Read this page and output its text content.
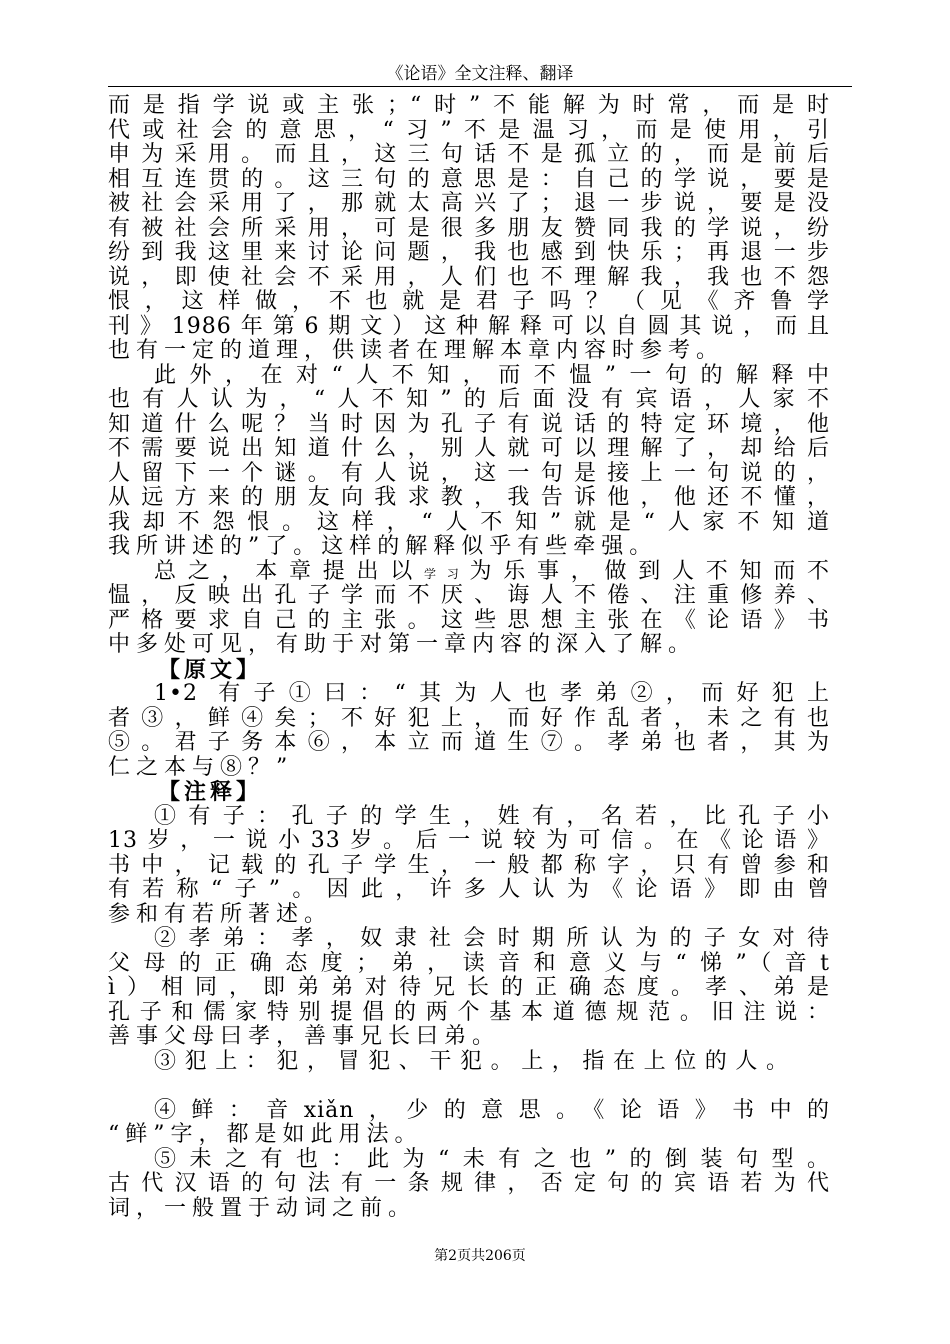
《论语》全文注释、翻译
而是指学说或主张；“时”不能解为时常，而是时
代或社会的意思，“习”不是温习，而是使用，引
申为采用。而且，这三句话不是孤立的，而是前后
相互连贯的。这三句的意思是：自己的学说，要是
被社会采用了，那就太高兴了；退一步说，要是没
有被社会所采用，可是很多朋友赞同我的学说，纷
纷到我这里来讨论问题，我也感到快乐；再退一步
说，即使社会不采用，人们也不理解我，我也不怨
恨，这样做，不也就是君子吗？（见《齐鲁学
刊》1986年第6期文）这种解释可以自圆其说，而且
也有一定的道理，供读者在理解本章内容时参考。
此外，在对“人不知，而不愠”一句的解释中
也有人认为，“人不知”的后面没有宾语，人家不
知道什么呢？当时因为孔子有说话的特定环境，他
不需要说出知道什么，别人就可以理解了，却给后
人留下一个谜。有人说，这一句是接上一句说的，
从远方来的朋友向我求教，我告诉他，他还不懂，
我却不怨恨。这样，“人不知”就是“人家不知道
我所讲述的”了。这样的解释似乎有些牵强。
总之，本章提出以学习为乐事，做到人不知而不
愠，反映出孔子学而不厌、诲人不倦、注重修养、
严格要求自己的主张。这些思想主张在《论语》书
中多处可见，有助于对第一章内容的深入了解。
【原文】
1•2 有子①曰：“其为人也孝弟②，而好犯上
者③，鲜④矣；不好犯上，而好作乱者，未之有也
⑤。君子务本⑥，本立而道生⑦。孝弟也者，其为
仁之本与⑧？”
【注释】
①有子：孔子的学生，姓有，名若，比孔子小
13岁，一说小33岁。后一说较为可信。在《论语》
书中，记载的孔子学生，一般都称字，只有曾参和
有若称“子”。因此，许多人认为《论语》即由曾
参和有若所著述。
②孝弟：孝，奴隶社会时期所认为的子女对待
父母的正确态度；弟，读音和意义与“悌”（音t
ì）相同，即弟弟对待兄长的正确态度。孝、弟是
孔子和儒家特别提倡的两个基本道德规范。旧注说：
善事父母曰孝，善事兄长曰弟。
③犯上：犯，冒犯、干犯。上，指在上位的人。
④鲜：音xiǎn，少的意思。《论语》书中的
“鲜”字，都是如此用法。
⑤未之有也：此为“未有之也”的倒装句型。
古代汉语的句法有一条规律，否定句的宾语若为代
词，一般置于动词之前。
第2页共206页
